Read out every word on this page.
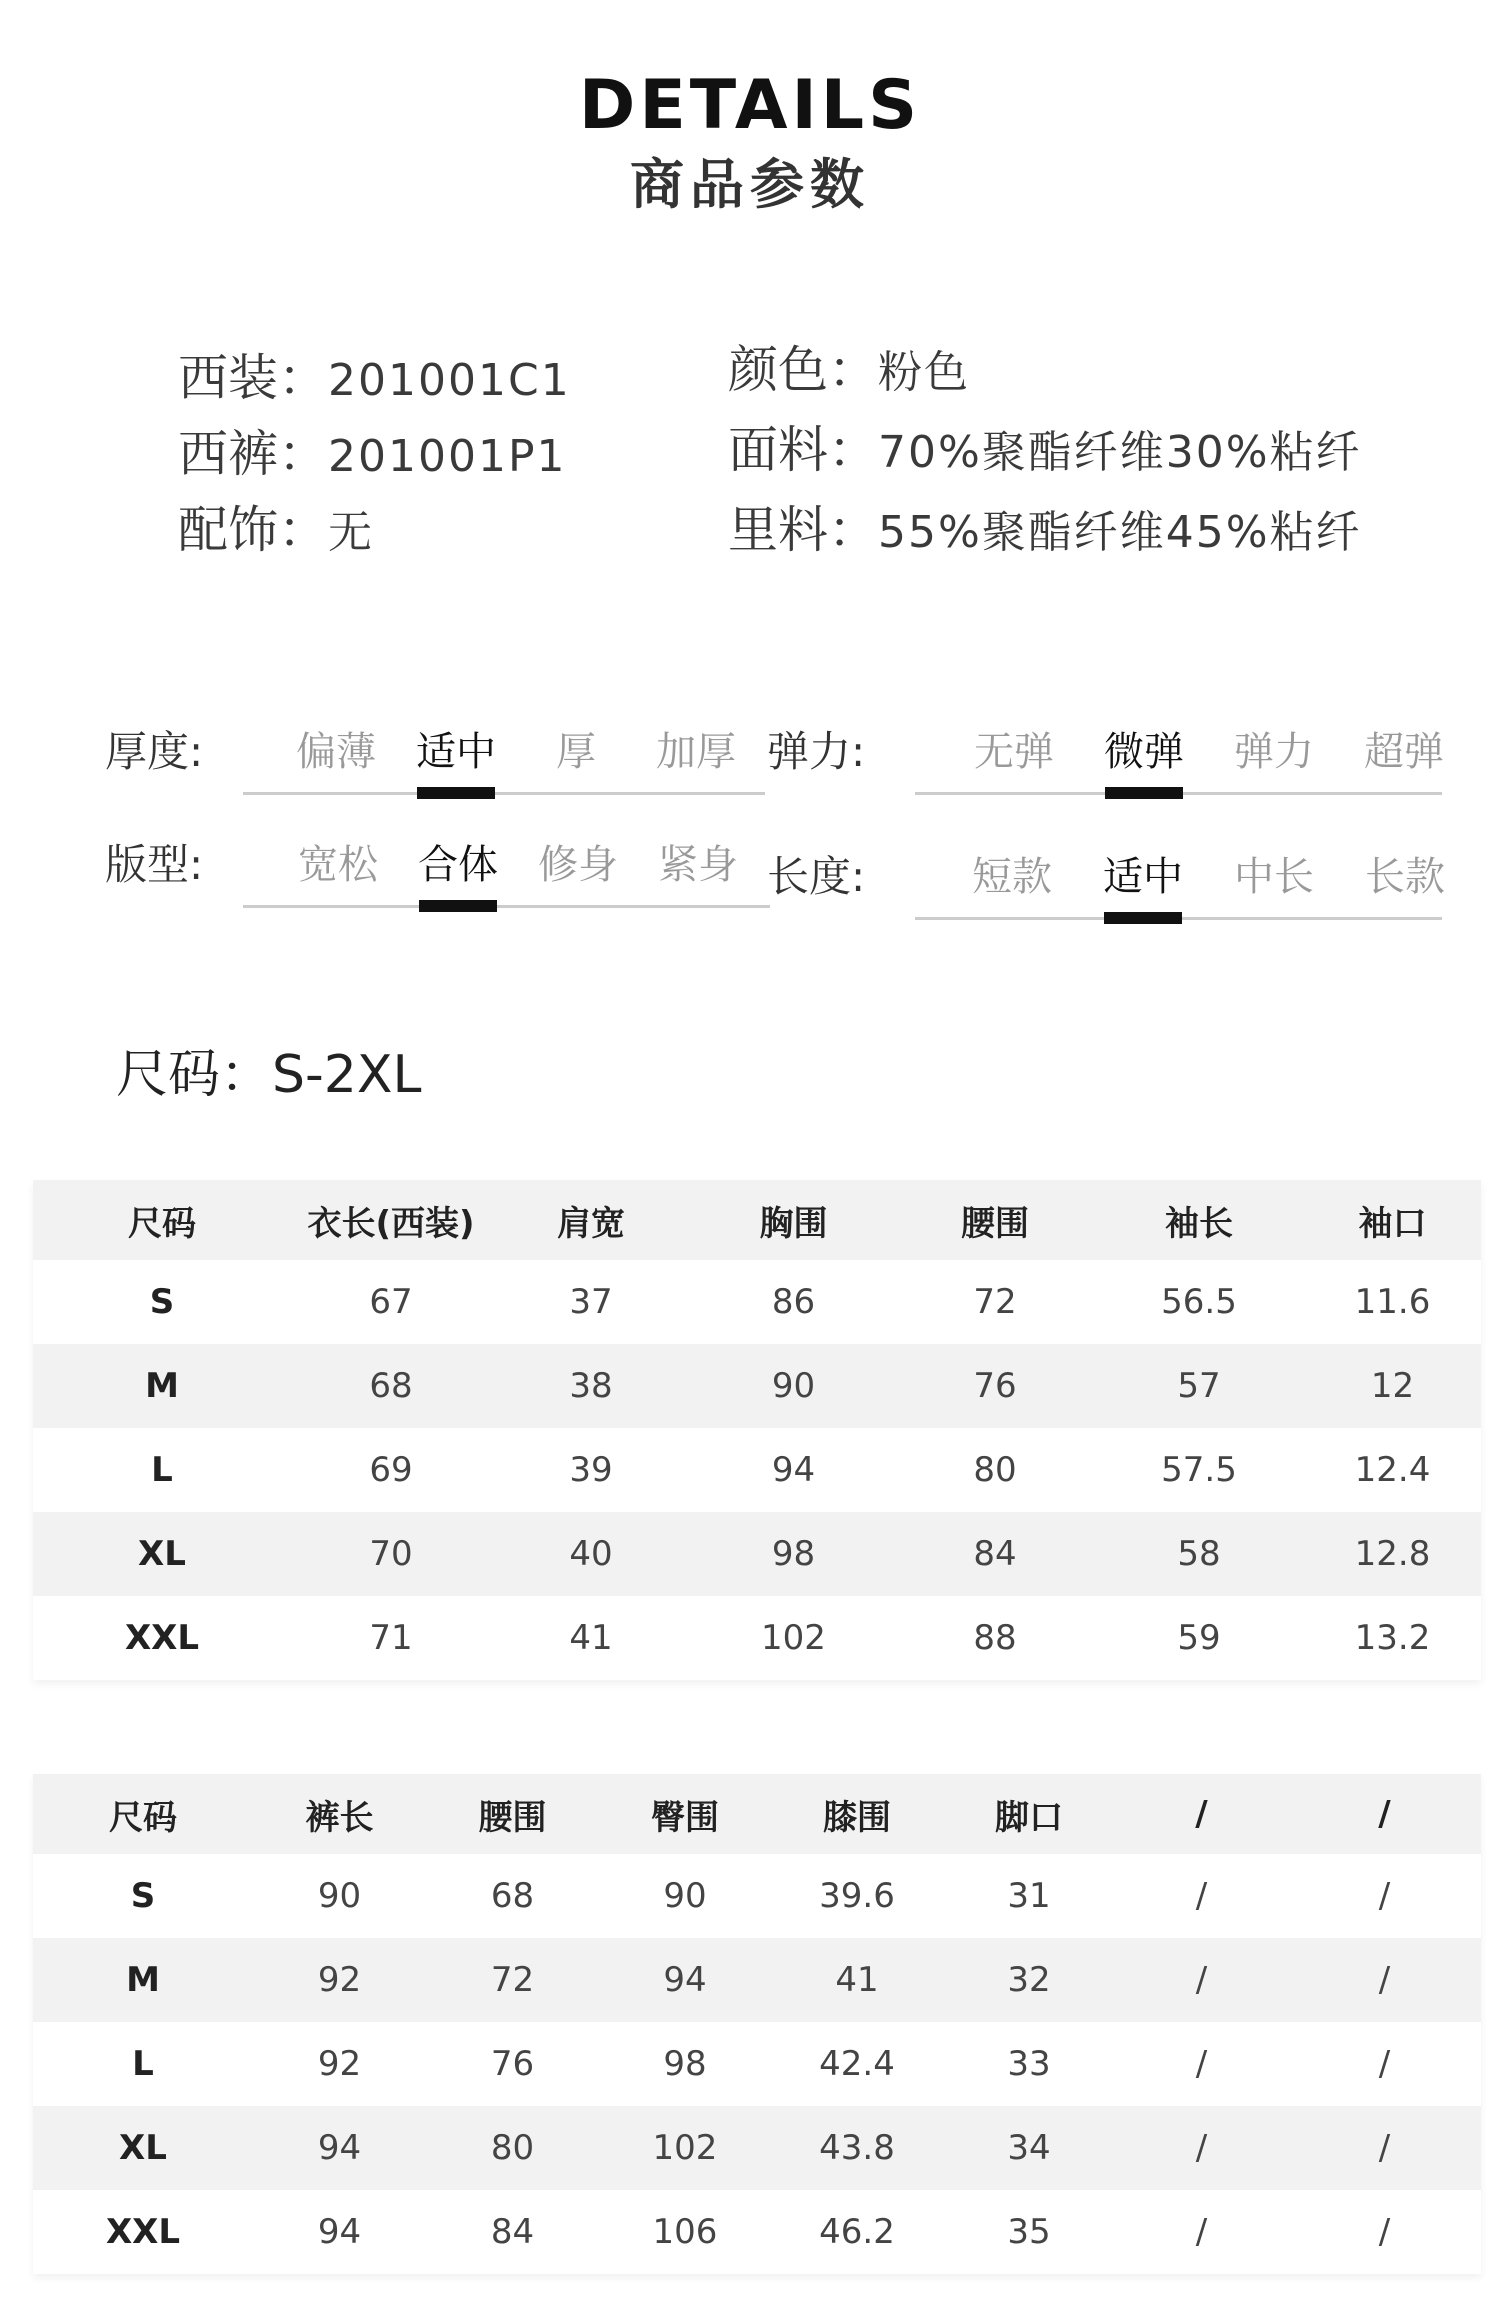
DETAILS
商品参数
西装：201001C1
西裤：201001P1
配饰：无
颜色：粉色
面料：70%聚酯纤维30%粘纤
里料：55%聚酯纤维45%粘纤
厚度:	偏薄	适中	厚	加厚 弹力:	无弹	微弹	弹力	超弹
版型:	宽松	合体	修身	紧身 长度:	短款	适中	中长	长款
尺码：S-2XL
尺码	衣长(西装)	肩宽	胸围	腰围	袖长	袖口
S	67	37	86	72	56.5	11.6
M	68	38	90	76	57	12
L	69	39	94	80	57.5	12.4
XL	70	40	98	84	58	12.8
XXL	71	41	102	88	59	13.2
尺码	裤长	腰围	臀围	膝围	脚口	/	/
S	90	68	90	39.6	31	/	/
M	92	72	94	41	32	/	/
L	92	76	98	42.4	33	/	/
XL	94	80	102	43.8	34	/	/
XXL	94	84	106	46.2	35	/	/
